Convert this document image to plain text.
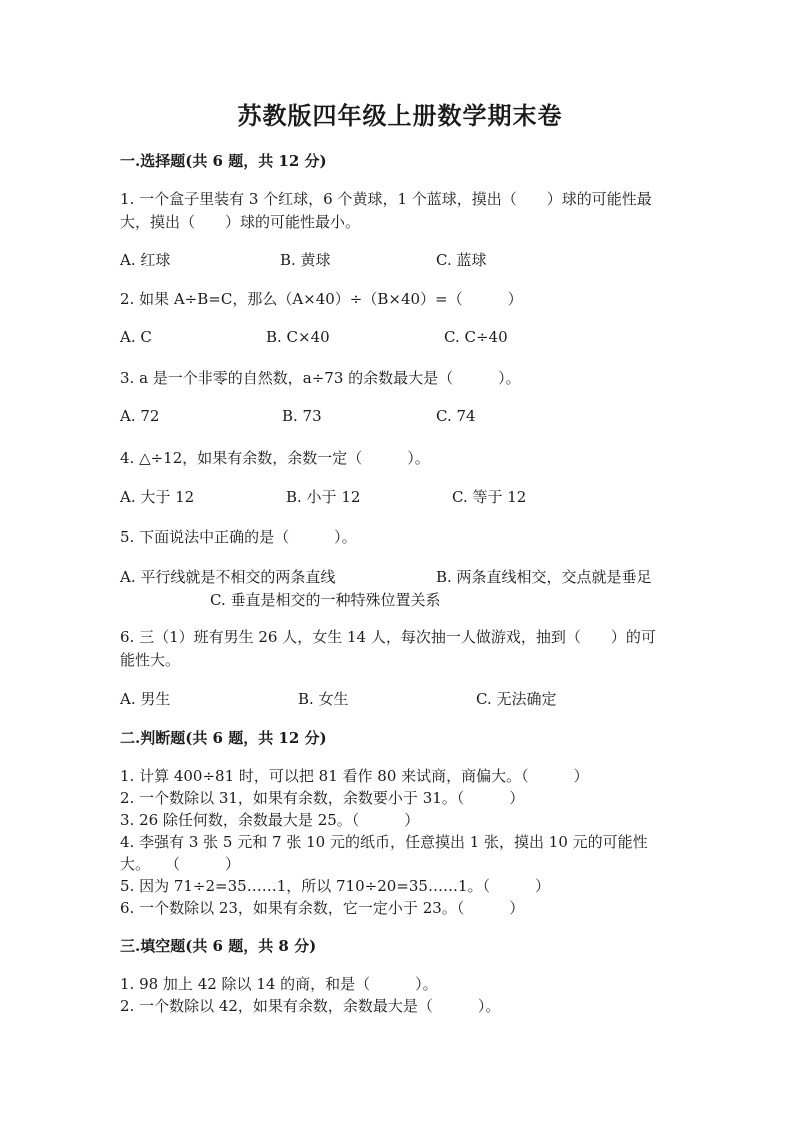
苏教版四年级上册数学期末卷
一.选择题(共 6 题，共 12 分)
1. 一个盒子里装有 3 个红球，6 个黄球，1 个蓝球，摸出（　　）球的可能性最
大，摸出（　　）球的可能性最小。
A. 红球	B. 黄球	C. 蓝球
2. 如果 A÷B=C，那么（A×40）÷（B×40）=（　　　）
A. C	B. C×40	C. C÷40
3. a 是一个非零的自然数，a÷73 的余数最大是（　　　）。
A. 72	B. 73	C. 74
4. △÷12，如果有余数，余数一定（　　　）。
A. 大于 12	B. 小于 12	C. 等于 12
5. 下面说法中正确的是（　　　）。
A. 平行线就是不相交的两条直线	B. 两条直线相交，交点就是垂足
C. 垂直是相交的一种特殊位置关系
6. 三（1）班有男生 26 人，女生 14 人，每次抽一人做游戏，抽到（　　）的可
能性大。
A. 男生	B. 女生	C. 无法确定
二.判断题(共 6 题，共 12 分)
1. 计算 400÷81 时，可以把 81 看作 80 来试商，商偏大。（　　　）
2. 一个数除以 31，如果有余数，余数要小于 31。（　　　）
3. 26 除任何数，余数最大是 25。（　　　）
4. 李强有 3 张 5 元和 7 张 10 元的纸币，任意摸出 1 张，摸出 10 元的可能性
大。　　（　　　）
5. 因为 71÷2=35……1，所以 710÷20=35……1。（　　　）
6. 一个数除以 23，如果有余数，它一定小于 23。（　　　）
三.填空题(共 6 题，共 8 分)
1. 98 加上 42 除以 14 的商，和是（　　　）。
2. 一个数除以 42，如果有余数，余数最大是（　　　）。
